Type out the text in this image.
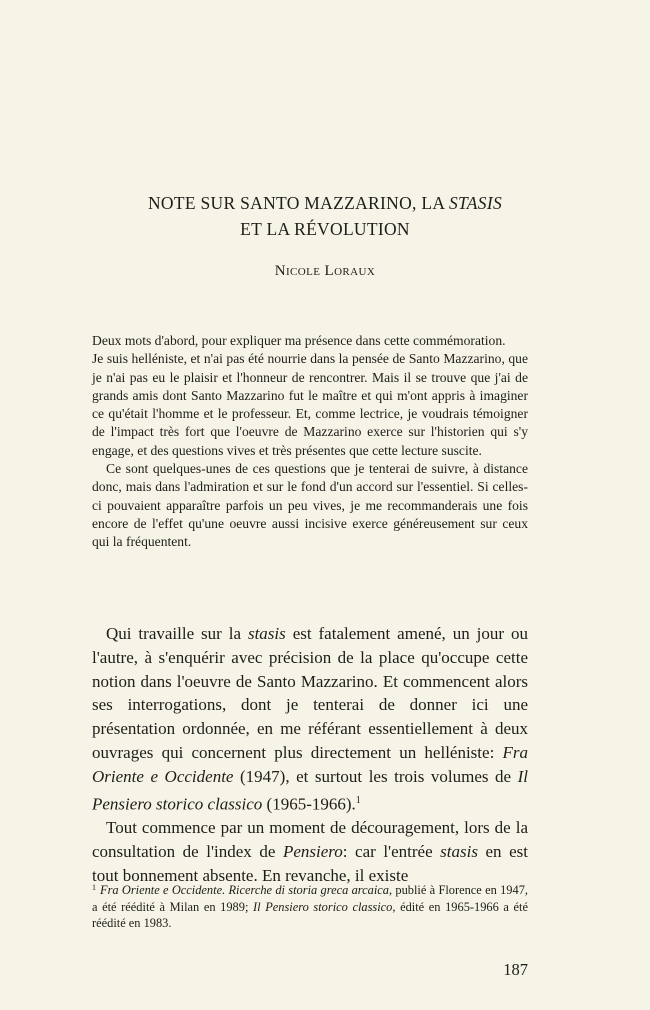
NOTE SUR SANTO MAZZARINO, LA STASIS
ET LA RÉVOLUTION
Nicole Loraux

Deux mots d'abord, pour expliquer ma présence dans cette commémoration.

Je suis helléniste, et n'ai pas été nourrie dans la pensée de Santo Mazzarino, que je n'ai pas eu le plaisir et l'honneur de rencontrer. Mais il se trouve que j'ai de grands amis dont Santo Mazzarino fut le maître et qui m'ont appris à imaginer ce qu'était l'homme et le professeur. Et, comme lectrice, je voudrais témoigner de l'impact très fort que l'oeuvre de Mazzarino exerce sur l'historien qui s'y engage, et des questions vives et très présentes que cette lecture suscite.

Ce sont quelques-unes de ces questions que je tenterai de suivre, à distance donc, mais dans l'admiration et sur le fond d'un accord sur l'essentiel. Si celles-ci pouvaient apparaître parfois un peu vives, je me recommanderais une fois encore de l'effet qu'une oeuvre aussi incisive exerce généreusement sur ceux qui la fréquentent.

Qui travaille sur la stasis est fatalement amené, un jour ou l'autre, à s'enquérir avec précision de la place qu'occupe cette notion dans l'oeuvre de Santo Mazzarino. Et commencent alors ses interrogations, dont je tenterai de donner ici une présentation ordonnée, en me référant essentiellement à deux ouvrages qui concernent plus directement un helléniste: Fra Oriente e Occidente (1947), et surtout les trois volumes de Il Pensiero storico classico (1965-1966).$^1$

Tout commence par un moment de découragement, lors de la consultation de l'index de Pensiero: car l'entrée stasis en est tout bonnement absente. En revanche, il existe

$^1$ Fra Oriente e Occidente. Ricerche di storia greca arcaica, publié à Florence en 1947, a été réédité à Milan en 1989; Il Pensiero storico classico, édité en 1965-1966 a été réédité en 1983.
187
